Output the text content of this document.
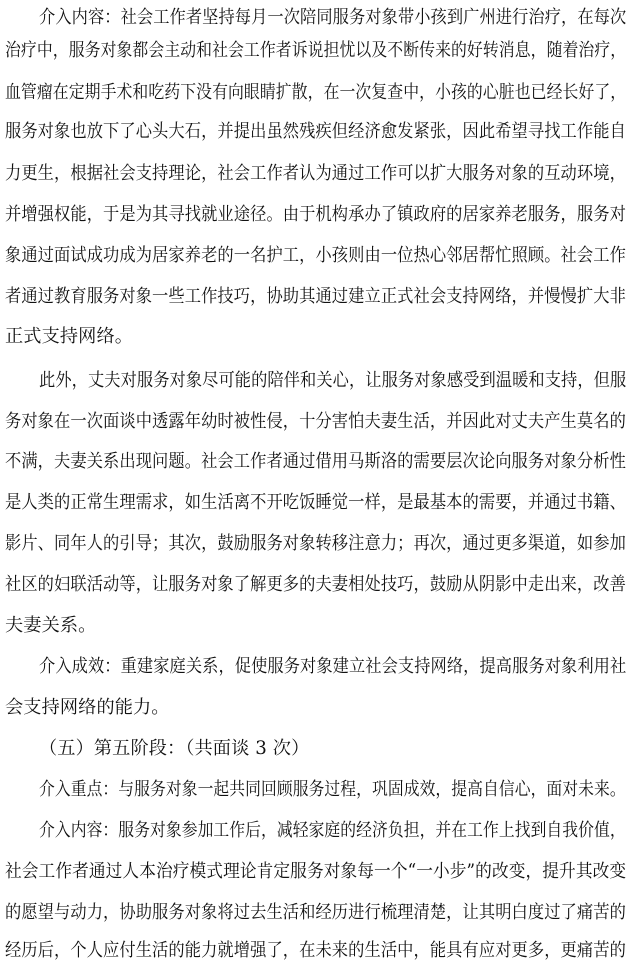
介入内容：社会工作者坚持每月一次陪同服务对象带小孩到广州进行治疗，在每次
治疗中，服务对象都会主动和社会工作者诉说担忧以及不断传来的好转消息，随着治疗，
血管瘤在定期手术和吃药下没有向眼睛扩散，在一次复查中，小孩的心脏也已经长好了，
服务对象也放下了心头大石，并提出虽然残疾但经济愈发紧张，因此希望寻找工作能自
力更生，根据社会支持理论，社会工作者认为通过工作可以扩大服务对象的互动环境，
并增强权能，于是为其寻找就业途径。由于机构承办了镇政府的居家养老服务，服务对
象通过面试成功成为居家养老的一名护工，小孩则由一位热心邻居帮忙照顾。社会工作
者通过教育服务对象一些工作技巧，协助其通过建立正式社会支持网络，并慢慢扩大非
正式支持网络。
此外，丈夫对服务对象尽可能的陪伴和关心，让服务对象感受到温暖和支持，但服
务对象在一次面谈中透露年幼时被性侵，十分害怕夫妻生活，并因此对丈夫产生莫名的
不满，夫妻关系出现问题。社会工作者通过借用马斯洛的需要层次论向服务对象分析性
是人类的正常生理需求，如生活离不开吃饭睡觉一样，是最基本的需要，并通过书籍、
影片、同年人的引导；其次，鼓励服务对象转移注意力；再次，通过更多渠道，如参加
社区的妇联活动等，让服务对象了解更多的夫妻相处技巧，鼓励从阴影中走出来，改善
夫妻关系。
介入成效：重建家庭关系，促使服务对象建立社会支持网络，提高服务对象利用社
会支持网络的能力。
（五）第五阶段：（共面谈 3 次）
介入重点：与服务对象一起共同回顾服务过程，巩固成效，提高自信心，面对未来。
介入内容：服务对象参加工作后，减轻家庭的经济负担，并在工作上找到自我价值，
社会工作者通过人本治疗模式理论肯定服务对象每一个“一小步”的改变，提升其改变
的愿望与动力，协助服务对象将过去生活和经历进行梳理清楚，让其明白度过了痛苦的
经历后，个人应付生活的能力就增强了，在未来的生活中，能具有应对更多，更痛苦的
